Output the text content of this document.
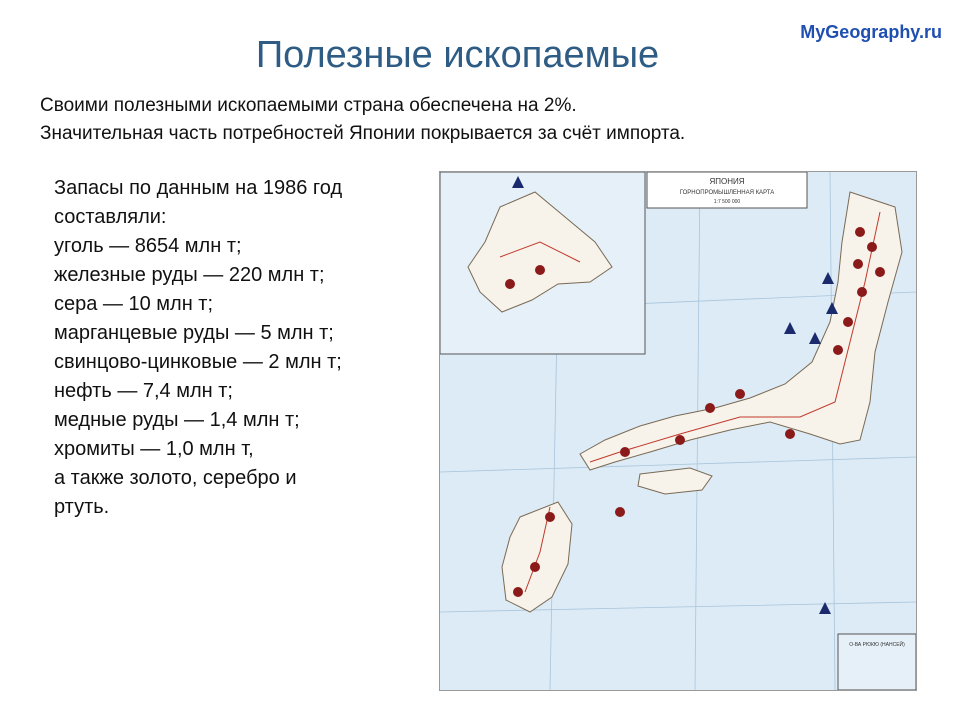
MyGeography.ru
Полезные ископаемые
Своими полезными ископаемыми страна обеспечена на 2%.
Значительная часть потребностей Японии покрывается за счёт импорта.
Запасы по данным на 1986 год
составляли:
уголь — 8654 млн т;
железные руды — 220 млн т;
сера — 10 млн т;
марганцевые руды — 5 млн т;
свинцово-цинковые — 2 млн т;
нефть — 7,4 млн т;
медные руды — 1,4 млн т;
хромиты — 1,0 млн т,
а также золото, серебро и
ртуть.
ЯПОНИЯ
ГОРНОПРОМЫШЛЕННАЯ КАРТА
1:7 500 000
О-ВА РЮКЮ (НАНСЕЙ)
